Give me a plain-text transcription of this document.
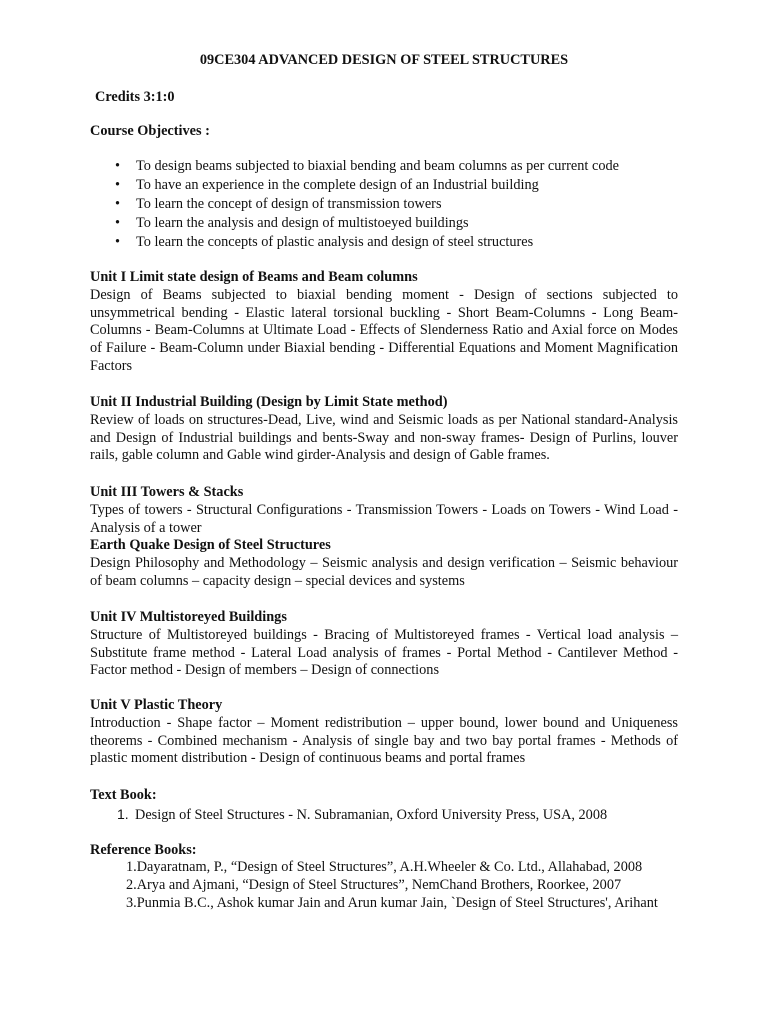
09CE304 ADVANCED DESIGN OF STEEL STRUCTURES
Credits 3:1:0
Course Objectives :
• To design beams subjected to biaxial bending and beam columns as per current code
• To have an experience in the complete design of an Industrial building
• To learn the concept of design of transmission towers
• To learn the analysis and design of multistoeyed buildings
• To learn the concepts of plastic analysis and design of steel structures
Unit I Limit state design of Beams and Beam columns
Design of Beams subjected to biaxial bending moment - Design of sections subjected to unsymmetrical bending - Elastic lateral torsional buckling - Short Beam-Columns - Long Beam-Columns - Beam-Columns at Ultimate Load - Effects of Slenderness Ratio and Axial force on Modes of Failure - Beam-Column under Biaxial bending - Differential Equations and Moment Magnification Factors
Unit II Industrial Building (Design by Limit State method)
Review of loads on structures-Dead, Live, wind and Seismic loads as per National standard-Analysis and Design of Industrial buildings and bents-Sway and non-sway frames- Design of Purlins, louver rails, gable column and Gable wind girder-Analysis and design of Gable frames.
Unit III Towers & Stacks
Types of towers - Structural Configurations - Transmission Towers - Loads on Towers - Wind Load - Analysis of a tower
Earth Quake Design of Steel Structures
Design Philosophy and Methodology – Seismic analysis and design verification – Seismic behaviour of beam columns – capacity design – special devices and systems
Unit IV Multistoreyed Buildings
Structure of Multistoreyed buildings - Bracing of Multistoreyed frames - Vertical load analysis – Substitute frame method - Lateral Load analysis of frames - Portal Method - Cantilever Method - Factor method - Design of members – Design of connections
Unit V Plastic Theory
Introduction - Shape factor – Moment redistribution – upper bound, lower bound and Uniqueness theorems - Combined mechanism - Analysis of single bay and two bay portal frames - Methods of plastic moment distribution - Design of continuous beams and portal frames
Text Book:
1. Design of Steel Structures - N. Subramanian, Oxford University Press, USA, 2008
Reference Books:
1.Dayaratnam, P., “Design of Steel Structures”, A.H.Wheeler & Co. Ltd., Allahabad, 2008
2.Arya and Ajmani, “Design of Steel Structures”, NemChand Brothers, Roorkee, 2007
3.Punmia B.C., Ashok kumar Jain and Arun kumar Jain, `Design of Steel Structures', Arihant
